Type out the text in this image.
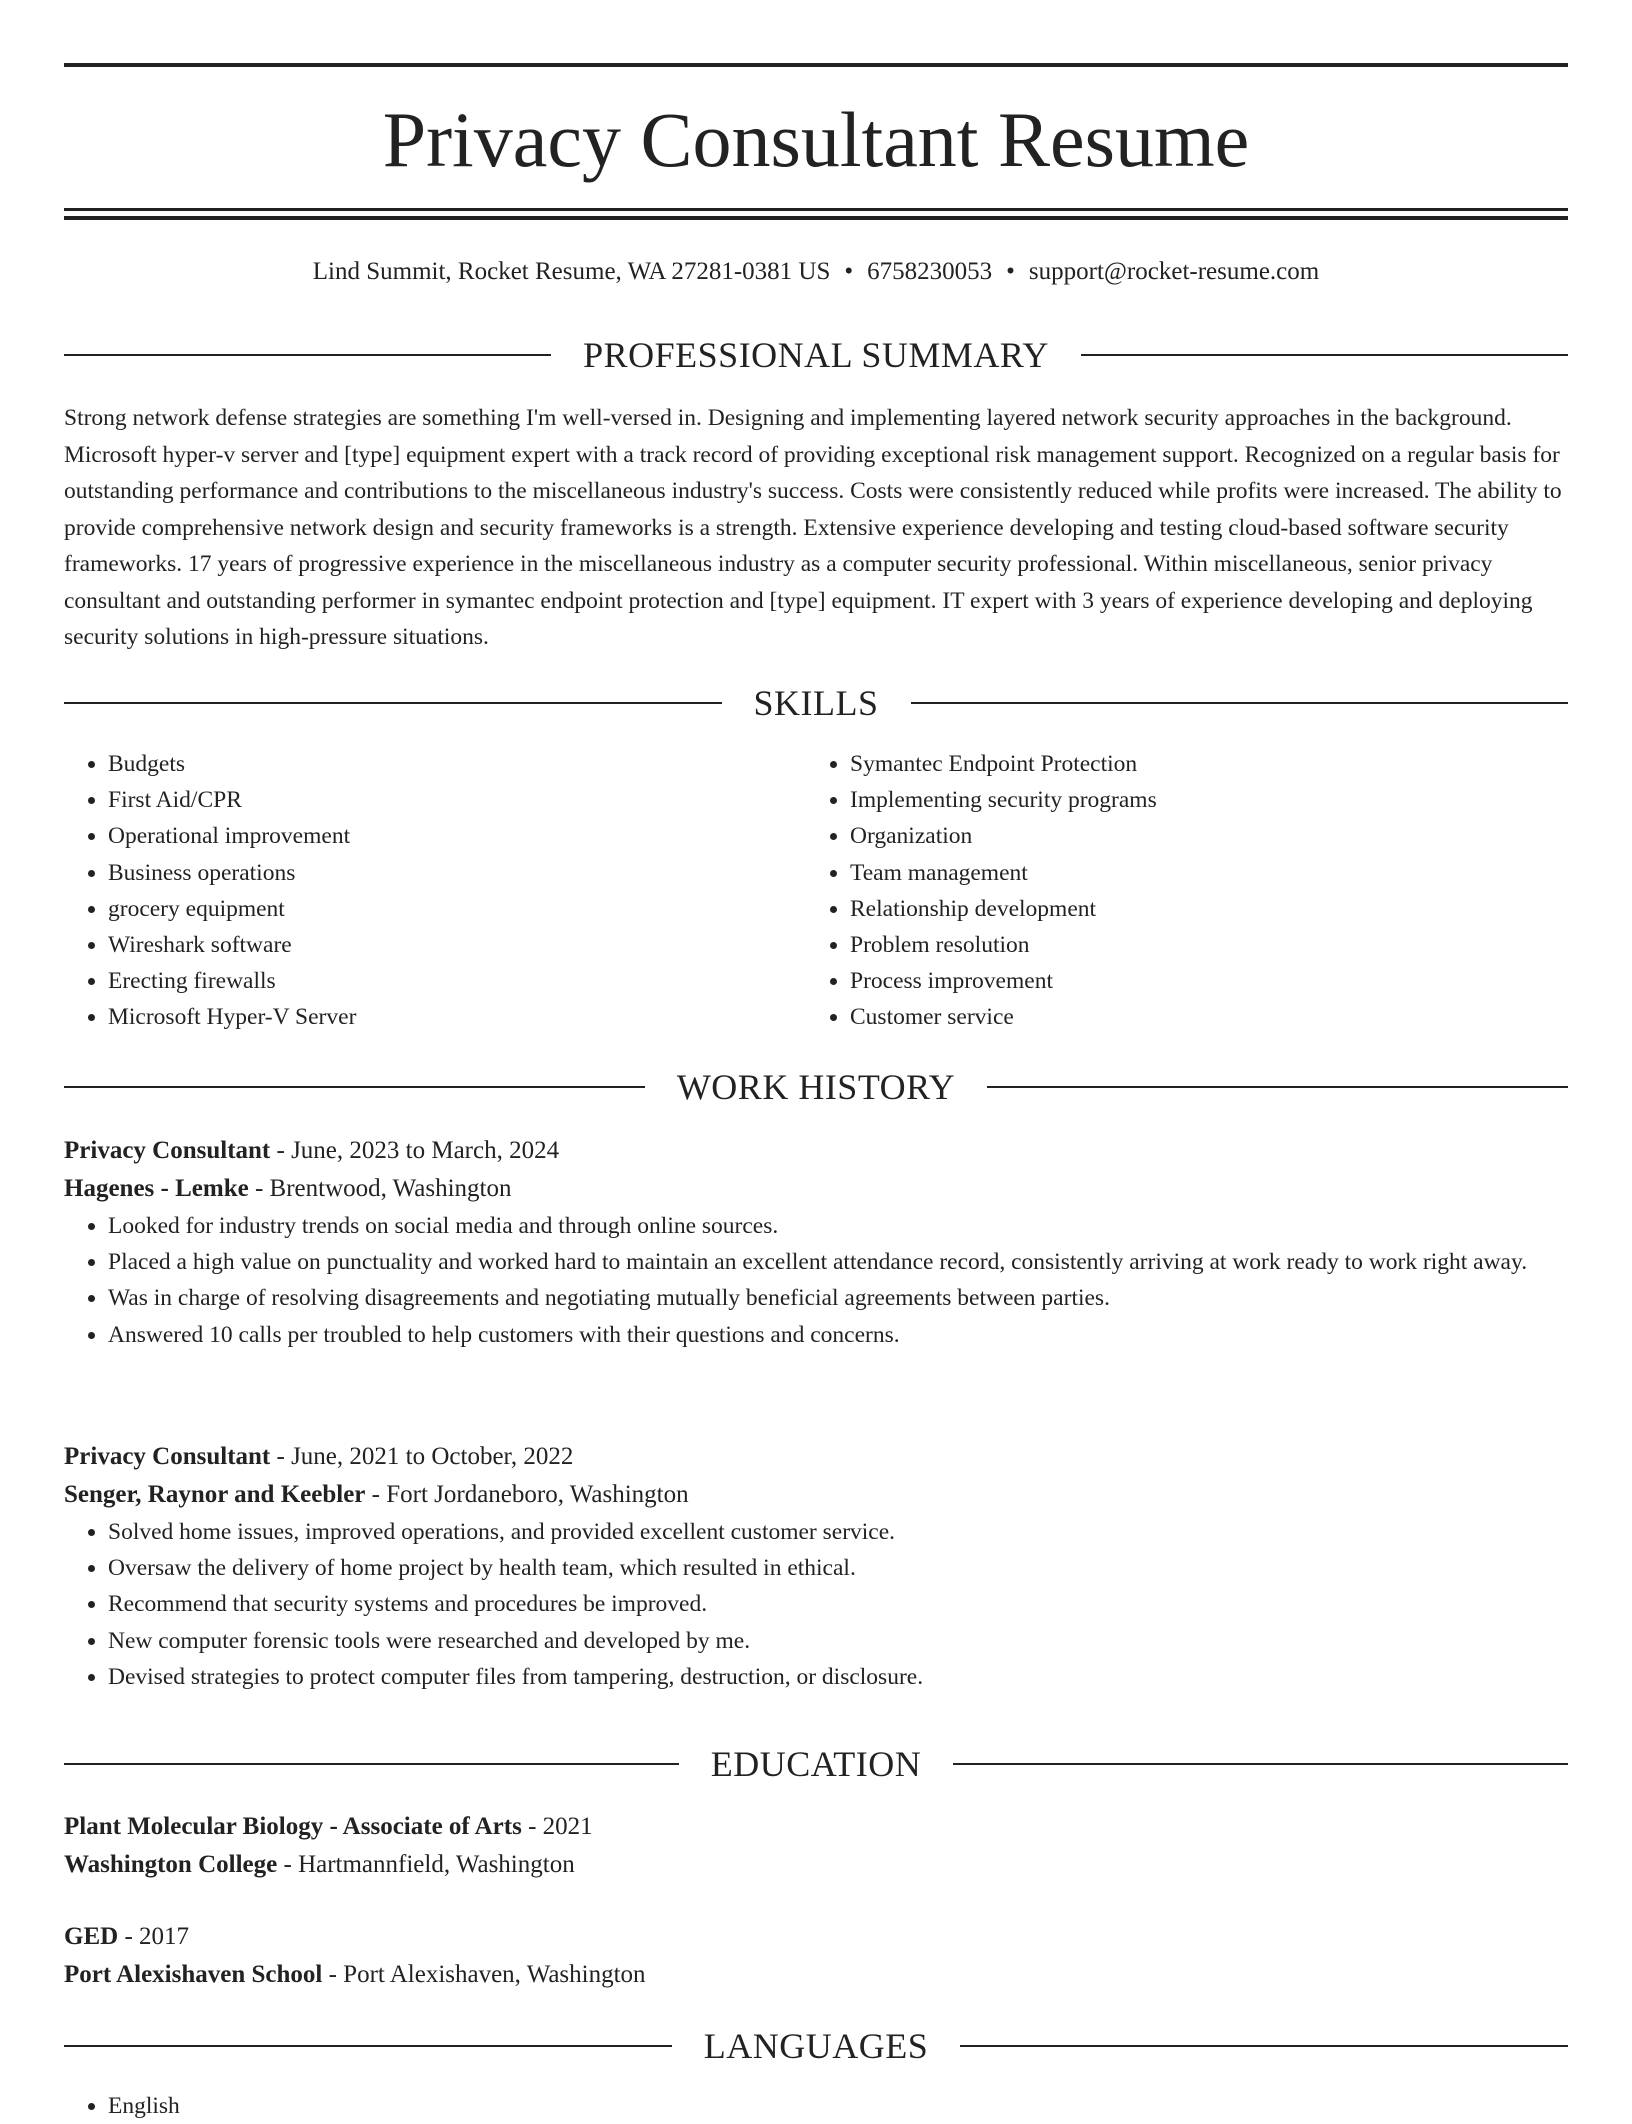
Privacy Consultant Resume
Lind Summit, Rocket Resume, WA 27281-0381 US • 6758230053 • support@rocket-resume.com
PROFESSIONAL SUMMARY

Strong network defense strategies are something I'm well-versed in. Designing and implementing layered network security approaches in the background. Microsoft hyper-v server and [type] equipment expert with a track record of providing exceptional risk management support. Recognized on a regular basis for outstanding performance and contributions to the miscellaneous industry's success. Costs were consistently reduced while profits were increased. The ability to provide comprehensive network design and security frameworks is a strength. Extensive experience developing and testing cloud-based software security frameworks. 17 years of progressive experience in the miscellaneous industry as a computer security professional. Within miscellaneous, senior privacy consultant and outstanding performer in symantec endpoint protection and [type] equipment. IT expert with 3 years of experience developing and deploying security solutions in high-pressure situations.

SKILLS
• Budgets
• First Aid/CPR
• Operational improvement
• Business operations
• grocery equipment
• Wireshark software
• Erecting firewalls
• Microsoft Hyper-V Server
• Symantec Endpoint Protection
• Implementing security programs
• Organization
• Team management
• Relationship development
• Problem resolution
• Process improvement
• Customer service
WORK HISTORY
Privacy Consultant - June, 2023 to March, 2024
Hagenes - Lemke - Brentwood, Washington
• Looked for industry trends on social media and through online sources.
• Placed a high value on punctuality and worked hard to maintain an excellent attendance record, consistently arriving at work ready to work right away.
• Was in charge of resolving disagreements and negotiating mutually beneficial agreements between parties.
• Answered 10 calls per troubled to help customers with their questions and concerns.
Privacy Consultant - June, 2021 to October, 2022
Senger, Raynor and Keebler - Fort Jordaneboro, Washington
• Solved home issues, improved operations, and provided excellent customer service.
• Oversaw the delivery of home project by health team, which resulted in ethical.
• Recommend that security systems and procedures be improved.
• New computer forensic tools were researched and developed by me.
• Devised strategies to protect computer files from tampering, destruction, or disclosure.
EDUCATION
Plant Molecular Biology - Associate of Arts - 2021
Washington College - Hartmannfield, Washington
GED - 2017
Port Alexishaven School - Port Alexishaven, Washington
LANGUAGES
• English
